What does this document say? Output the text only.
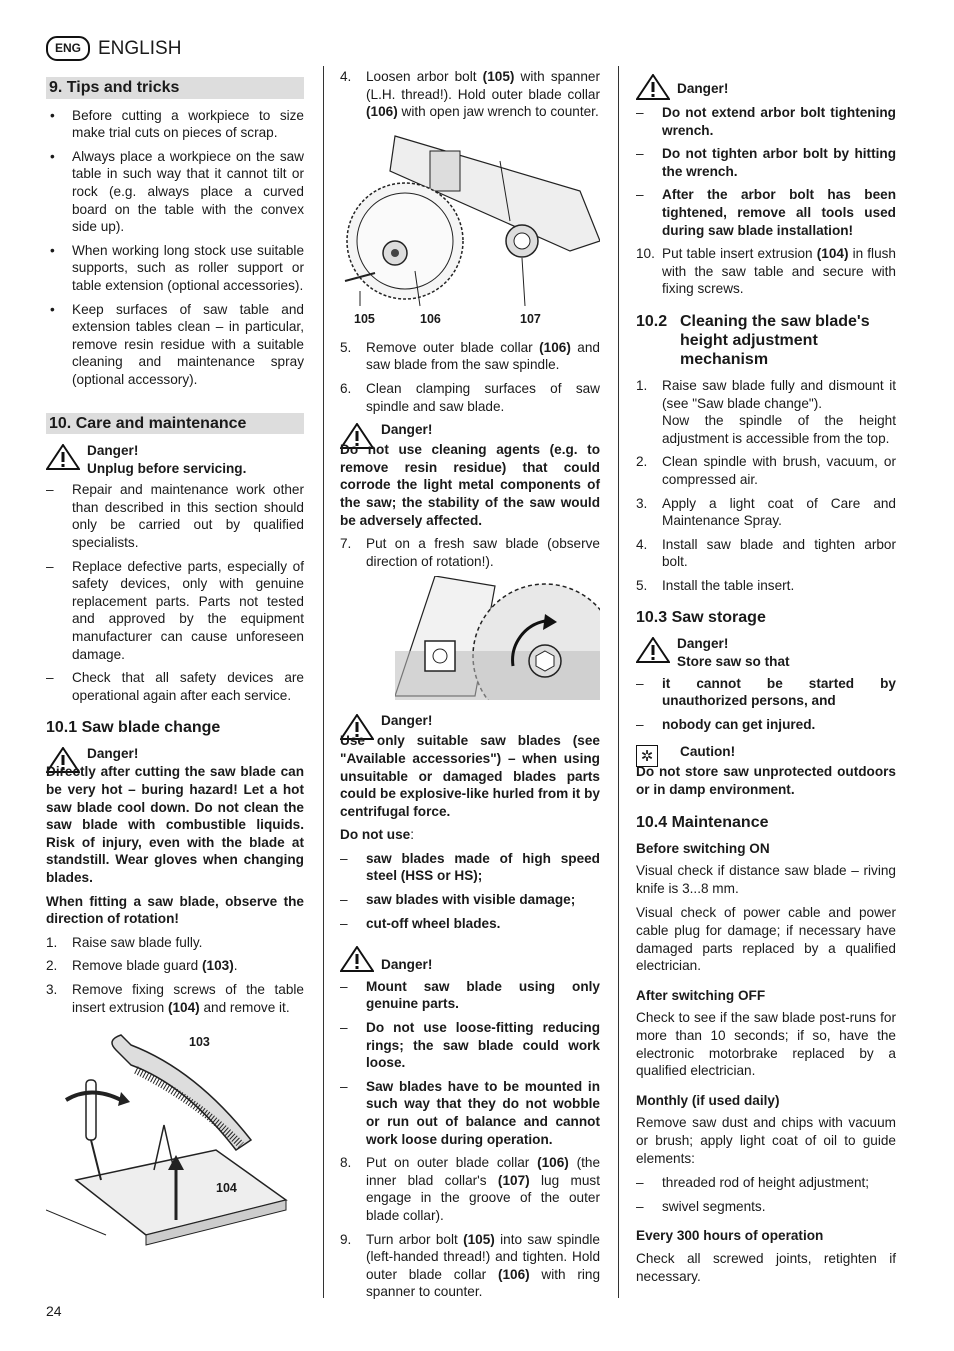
ENG ENGLISH
9. Tips and tricks
• Before cutting a workpiece to size make trial cuts on pieces of scrap.
• Always place a workpiece on the saw table in such way that it cannot tilt or rock (e.g. always place a curved board on the table with the convex side up).
• When working long stock use suitable supports, such as roller support or table extension (optional accessories).
• Keep surfaces of saw table and extension tables clean – in particular, remove resin residue with a suitable cleaning and maintenance spray (optional accessory).
10. Care and maintenance
Danger!
Unplug before servicing.
– Repair and maintenance work other than described in this section should only be carried out by qualified specialists.
– Replace defective parts, especially of safety devices, only with genuine replacement parts. Parts not tested and approved by the equipment manufacturer can cause unforeseen damage.
– Check that all safety devices are operational again after each service.
10.1 Saw blade change
Danger!
Directly after cutting the saw blade can be very hot – buring hazard! Let a hot saw blade cool down. Do not clean the saw blade with combustible liquids. Risk of injury, even with the blade at standstill. Wear gloves when changing blades.
When fitting a saw blade, observe the direction of rotation!
1. Raise saw blade fully.
2. Remove blade guard (103).
3. Remove fixing screws of the table insert extrusion (104) and remove it.
103
104
4. Loosen arbor bolt (105) with spanner (L.H. thread!). Hold outer blade collar (106) with open jaw wrench to counter.
105	106	107
5. Remove outer blade collar (106) and saw blade from the saw spindle.
6. Clean clamping surfaces of saw spindle and saw blade.
Danger!
Do not use cleaning agents (e.g. to remove resin residue) that could corrode the light metal components of the saw; the stability of the saw would be adversely affected.
7. Put on a fresh saw blade (observe direction of rotation!).
Danger!
Use only suitable saw blades (see "Available accessories") – when using unsuitable or damaged blades parts could be explosive-like hurled from it by centrifugal force.

Do not use:

– saw blades made of high speed steel (HSS or HS);
– saw blades with visible damage;
– cut-off wheel blades.
Danger!
– Mount saw blade using only genuine parts.
– Do not use loose-fitting reducing rings; the saw blade could work loose.
– Saw blades have to be mounted in such way that they do not wobble or run out of balance and cannot work loose during operation.
8. Put on outer blade collar (106) (the inner blad collar's (107) lug must engage in the groove of the outer blade collar).
9. Turn arbor bolt (105) into saw spindle (left-handed thread!) and tighten. Hold outer blade collar (106) with ring spanner to counter.
Danger!
– Do not extend arbor bolt tightening wrench.
– Do not tighten arbor bolt by hitting the wrench.
– After the arbor bolt has been tightened, remove all tools used during saw blade installation!
10. Put table insert extrusion (104) in flush with the saw table and secure with fixing screws.
10.2 Cleaning the saw blade's height adjustment mechanism
1. Raise saw blade fully and dismount it (see "Saw blade change").
Now the spindle of the height adjustment is accessible from the top.
2. Clean spindle with brush, vacuum, or compressed air.
3. Apply a light coat of Care and Maintenance Spray.
4. Install saw blade and tighten arbor bolt.
5. Install the table insert.
10.3 Saw storage
Danger!
Store saw so that
– it cannot be started by unauthorized persons, and
– nobody can get injured.
✲	Caution!
Do not store saw unprotected outdoors or in damp environment.
10.4 Maintenance
Before switching ON

Visual check if distance saw blade – riving knife is 3...8 mm.

Visual check of power cable and power cable plug for damage; if necessary have damaged parts replaced by a qualified electrician.

After switching OFF

Check to see if the saw blade post-runs for more than 10 seconds; if so, have the electronic motorbrake replaced by a qualified electrician.

Monthly (if used daily)

Remove saw dust and chips with vacuum or brush; apply light coat of oil to guide elements:

– threaded rod of height adjustment;
– swivel segments.
Every 300 hours of operation

Check all screwed joints, retighten if necessary.

24
